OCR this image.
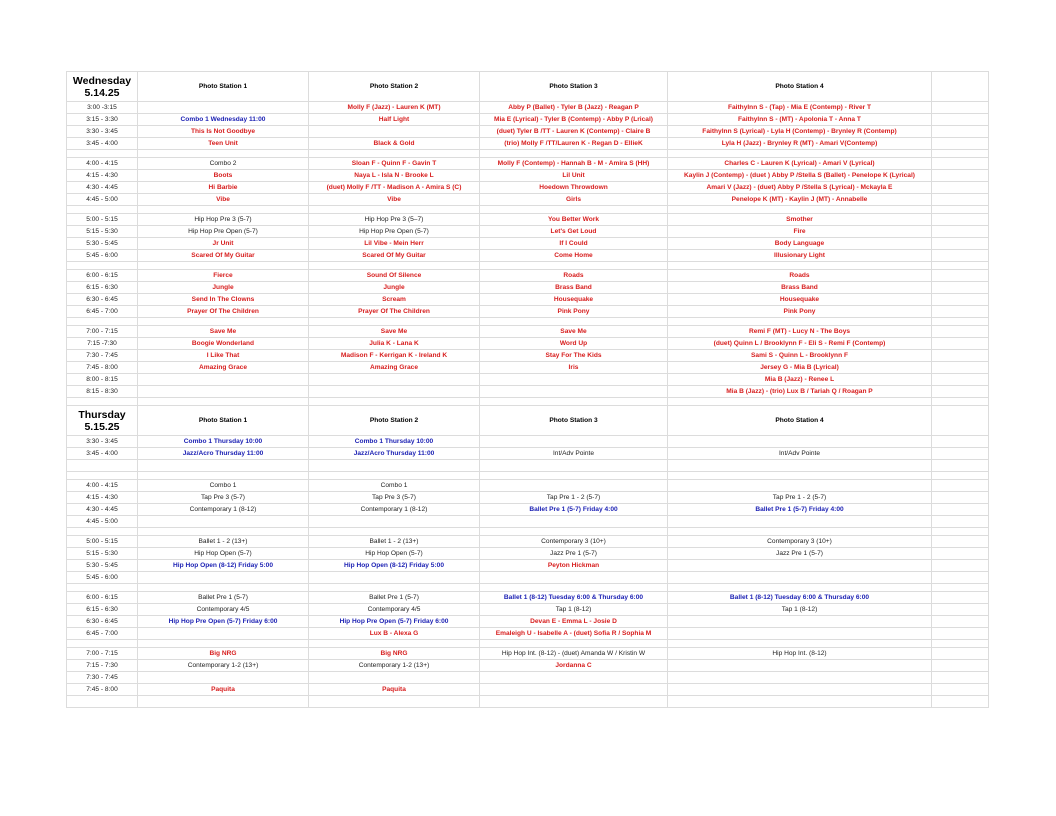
Wednesday
5.14.25	Photo Station 1	Photo Station 2	Photo Station 3	Photo Station 4	
3:00 -3:15		Molly F (Jazz) - Lauren K (MT)	Abby P (Ballet) - Tyler B (Jazz) - Reagan P	Faithylnn S - (Tap) - Mia E (Contemp) - River T	
3:15 - 3:30	Combo 1 Wednesday 11:00	Half Light	Mia E (Lyrical) - Tyler B (Contemp) - Abby P (Lrical)	Faithylnn S - (MT) - Apolonia T - Anna T	
3:30 - 3:45	This Is Not Goodbye		(duet) Tyler B /TT - Lauren K (Contemp) - Claire B	Faithylnn S (Lyrical) - Lyla H (Contemp) - Brynley R (Contemp)	
3:45 - 4:00	Teen Unit	Black & Gold	(trio) Molly F /TT/Lauren K - Regan D - EllieK	Lyla H (Jazz) - Brynley R (MT) - Amari V(Contemp)	

4:00 - 4:15	Combo 2	Sloan F - Quinn F - Gavin T	Molly F (Contemp) - Hannah B - M - Amira S (HH)	Charles C - Lauren K (Lyrical) - Amari V (Lyrical)	
4:15 - 4:30	Boots	Naya L - Isla N - Brooke L	Lil Unit	Kaylin J (Contemp) - (duet ) Abby P /Stella S (Ballet) - Penelope K (Lyrical)	
4:30 - 4:45	Hi Barbie	(duet) Molly F /TT - Madison A - Amira S (C)	Hoedown Throwdown	Amari V (Jazz) - (duet) Abby P /Stella S (Lyrical) - Mckayla E	
4:45 - 5:00	Vibe	Vibe	Girls	Penelope K (MT) - Kaylin J (MT) - Annabelle	

5:00 - 5:15	Hip Hop Pre 3 (5-7)	Hip Hop Pre 3 (5–7)	You Better Work	Smother	
5:15 - 5:30	Hip Hop Pre Open (5-7)	Hip Hop Pre Open (5-7)	Let's Get Loud	Fire	
5:30 - 5:45	Jr Unit	Lil Vibe - Mein Herr	If I Could	Body Language	
5:45 - 6:00	Scared Of My Guitar	Scared Of My Guitar	Come Home	Illusionary Light	

6:00 - 6:15	Fierce	Sound Of Silence	Roads	Roads	
6:15 - 6:30	Jungle	Jungle	Brass Band	Brass Band	
6:30 - 6:45	Send In The Clowns	Scream	Housequake	Housequake	
6:45 - 7:00	Prayer Of The Children	Prayer Of The Children	Pink Pony	Pink Pony	

7:00 - 7:15	Save Me	Save Me	Save Me	Remi F (MT) - Lucy N - The Boys	
7:15 -7:30	Boogie Wonderland	Julia K - Lana K	Word Up	(duet) Quinn L / Brooklynn F - Eli S - Remi F (Contemp)	
7:30 - 7:45	I Like That	Madison F - Kerrigan K - Ireland K	Stay For The Kids	Sami S - Quinn L - Brooklynn F	
7:45 - 8:00	Amazing Grace	Amazing Grace	Iris	Jersey G - Mia B (Lyrical)	
8:00 - 8:15				Mia B (Jazz) - Renee L	
8:15 - 8:30				Mia B (Jazz) - (trio) Lux B / Tariah Q / Roagan P	

Thursday
5.15.25	Photo Station 1	Photo Station 2	Photo Station 3	Photo Station 4	
3:30 - 3:45	Combo 1 Thursday 10:00	Combo 1 Thursday 10:00			
3:45 - 4:00	Jazz/Acro Thursday 11:00	Jazz/Acro Thursday 11:00	Int/Adv Pointe	Int/Adv Pointe	

4:00 - 4:15	Combo 1	Combo 1			
4:15 - 4:30	Tap Pre 3 (5-7)	Tap Pre 3 (5-7)	Tap Pre 1 - 2 (5-7)	Tap Pre 1 - 2 (5-7)	
4:30 - 4:45	Contemporary 1 (8-12)	Contemporary 1 (8-12)	Ballet Pre 1 (5-7) Friday 4:00	Ballet Pre 1 (5-7) Friday 4:00	
4:45 - 5:00					

5:00 - 5:15	Ballet 1 - 2 (13+)	Ballet 1 - 2 (13+)	Contemporary 3 (10+)	Contemporary 3 (10+)	
5:15 - 5:30	Hip Hop Open (5-7)	Hip Hop Open (5-7)	Jazz Pre 1 (5-7)	Jazz Pre 1 (5-7)	
5:30 - 5:45	Hip Hop Open (8-12) Friday 5:00	Hip Hop Open (8-12) Friday 5:00	Peyton Hickman		
5:45 - 6:00					

6:00 - 6:15	Ballet Pre 1 (5-7)	Ballet Pre 1 (5-7)	Ballet 1 (8-12) Tuesday 6:00 & Thursday 6:00	Ballet 1 (8-12) Tuesday 6:00 & Thursday 6:00	
6:15 - 6:30	Contemporary 4/5	Contemporary 4/5	Tap 1 (8-12)	Tap 1 (8-12)	
6:30 - 6:45	Hip Hop Pre Open (5-7) Friday 6:00	Hip Hop Pre Open (5-7) Friday 6:00	Devan E - Emma L - Josie D		
6:45 - 7:00		Lux B - Alexa G	Emaleigh U - Isabelle A - (duet) Sofia R / Sophia M		

7:00 - 7:15	Big NRG	Big NRG	Hip Hop Int. (8-12) - (duet) Amanda W / Kristin W	Hip Hop Int. (8-12)	
7:15 - 7:30	Contemporary 1-2 (13+)	Contemporary 1-2 (13+)	Jordanna C		
7:30 - 7:45					
7:45 - 8:00	Paquita	Paquita			
